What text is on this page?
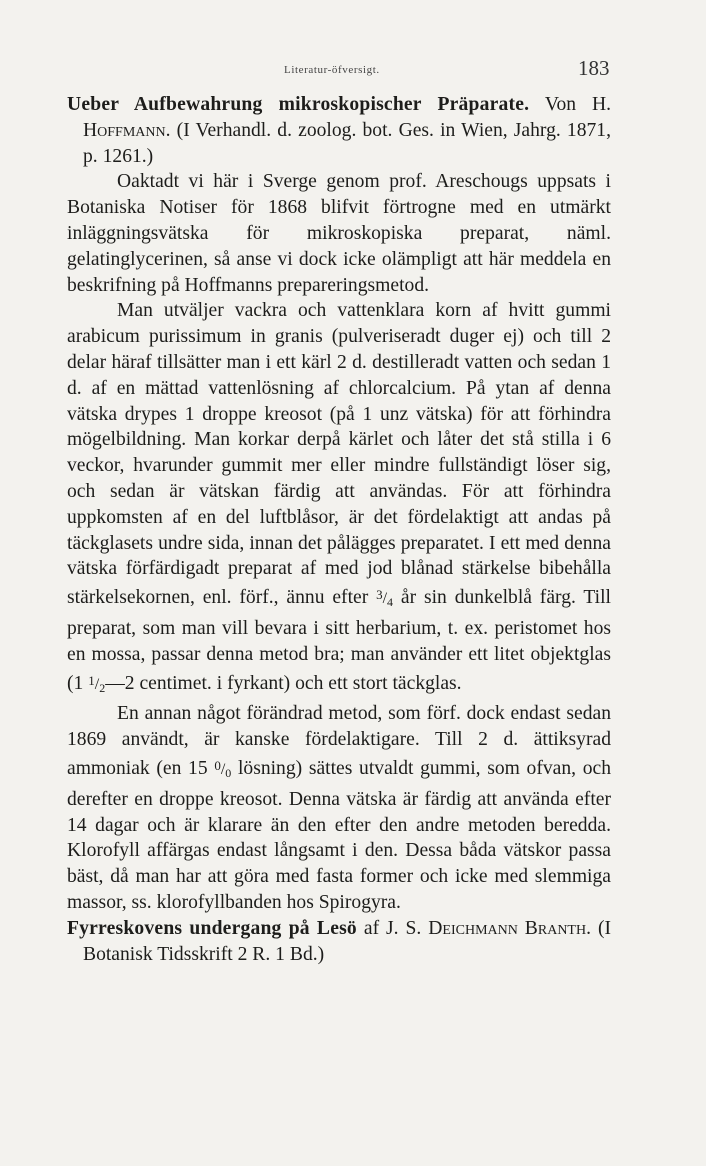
Literatur-öfversigt.	183

Ueber Aufbewahrung mikroskopischer Präparate. Von H. Hoffmann. (I Verhandl. d. zoolog. bot. Ges. in Wien, Jahrg. 1871, p. 1261.)

Oaktadt vi här i Sverge genom prof. Areschougs uppsats i Botaniska Notiser för 1868 blifvit förtrogne med en utmärkt inläggningsvätska för mikroskopiska preparat, näml. gelatinglycerinen, så anse vi dock icke olämpligt att här meddela en beskrifning på Hoffmanns prepareringsmetod.

Man utväljer vackra och vattenklara korn af hvitt gummi arabicum purissimum in granis (pulveriseradt duger ej) och till 2 delar häraf tillsätter man i ett kärl 2 d. destilleradt vatten och sedan 1 d. af en mättad vattenlösning af chlorcalcium. På ytan af denna vätska drypes 1 droppe kreosot (på 1 unz vätska) för att förhindra mögelbildning. Man korkar derpå kärlet och låter det stå stilla i 6 veckor, hvarunder gummit mer eller mindre fullständigt löser sig, och sedan är vätskan färdig att användas. För att förhindra uppkomsten af en del luftblåsor, är det fördelaktigt att andas på täckglasets undre sida, innan det pålägges preparatet. I ett med denna vätska förfärdigadt preparat af med jod blånad stärkelse bibehålla stärkelsekornen, enl. förf., ännu efter $^3/_4$ år sin dunkelblå färg. Till preparat, som man vill bevara i sitt herbarium, t. ex. peristomet hos en mossa, passar denna metod bra; man använder ett litet objektglas (1 $^1/_2—2$ centimet. i fyrkant) och ett stort täckglas.

En annan något förändrad metod, som förf. dock endast sedan 1869 användt, är kanske fördelaktigare. Till 2 d. ättiksyrad ammoniak (en 15 $^0/_0$ lösning) sättes utvaldt gummi, som ofvan, och derefter en droppe kreosot. Denna vätska är färdig att använda efter 14 dagar och är klarare än den efter den andre metoden beredda. Klorofyll affärgas endast långsamt i den. Dessa båda vätskor passa bäst, då man har att göra med fasta former och icke med slemmiga massor, ss. klorofyllbanden hos Spirogyra.

Fyrreskovens undergang på Lesö af J. S. Deichmann Branth. (I Botanisk Tidsskrift 2 R. 1 Bd.)
